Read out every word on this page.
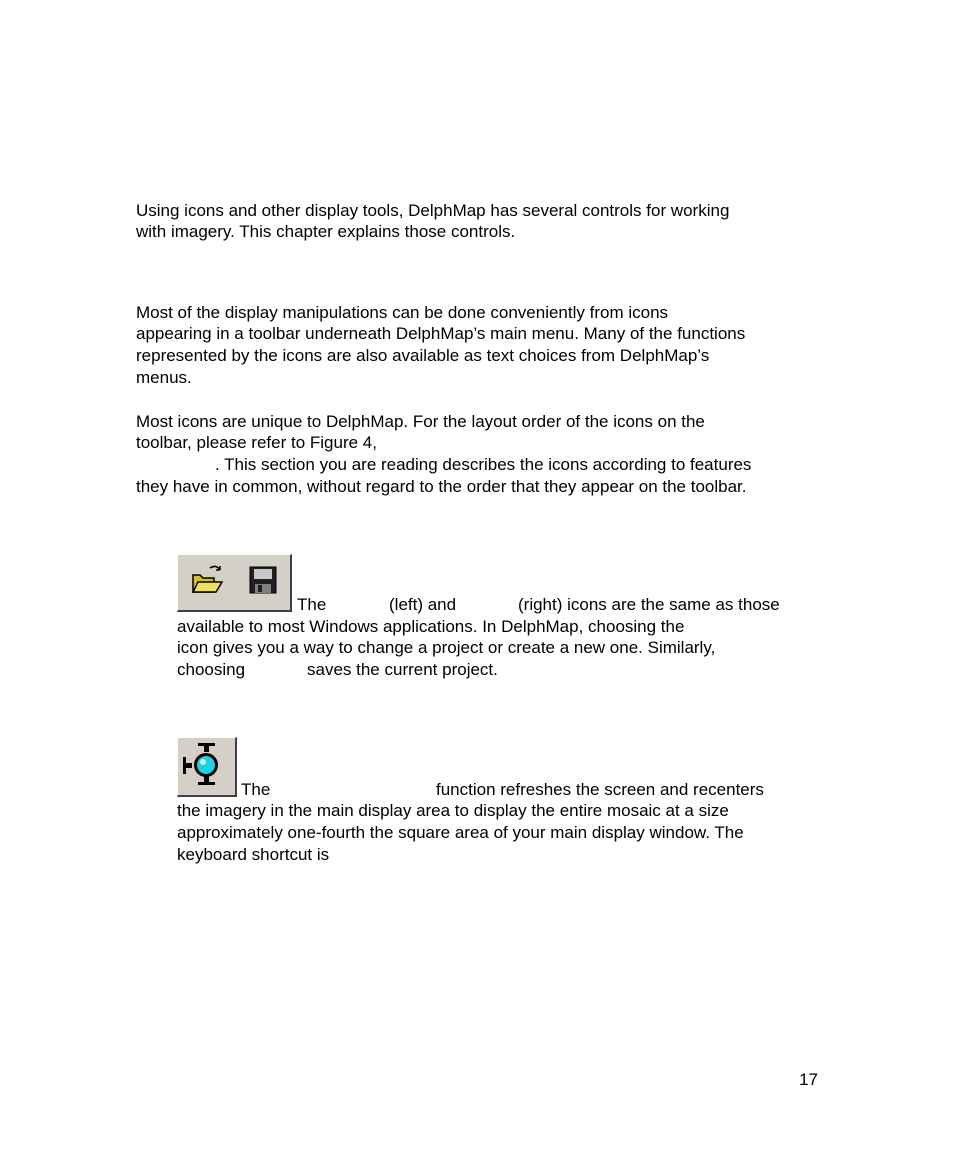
Using icons and other display tools, DelphMap has several controls for working
with imagery. This chapter explains those controls.
Most of the display manipulations can be done conveniently from icons
appearing in a toolbar underneath DelphMap’s main menu. Many of the functions
represented by the icons are also available as text choices from DelphMap’s
menus.
Most icons are unique to DelphMap. For the layout order of the icons on the
toolbar, please refer to Figure 4,
. This section you are reading describes the icons according to features
they have in common, without regard to the order that they appear on the toolbar.
The	(left) and	(right) icons are the same as those
available to most Windows applications. In DelphMap, choosing the
icon gives you a way to change a project or create a new one. Similarly,
choosing	saves the current project.
The	function refreshes the screen and recenters
the imagery in the main display area to display the entire mosaic at a size
approximately one-fourth the square area of your main display window. The
keyboard shortcut is
17
